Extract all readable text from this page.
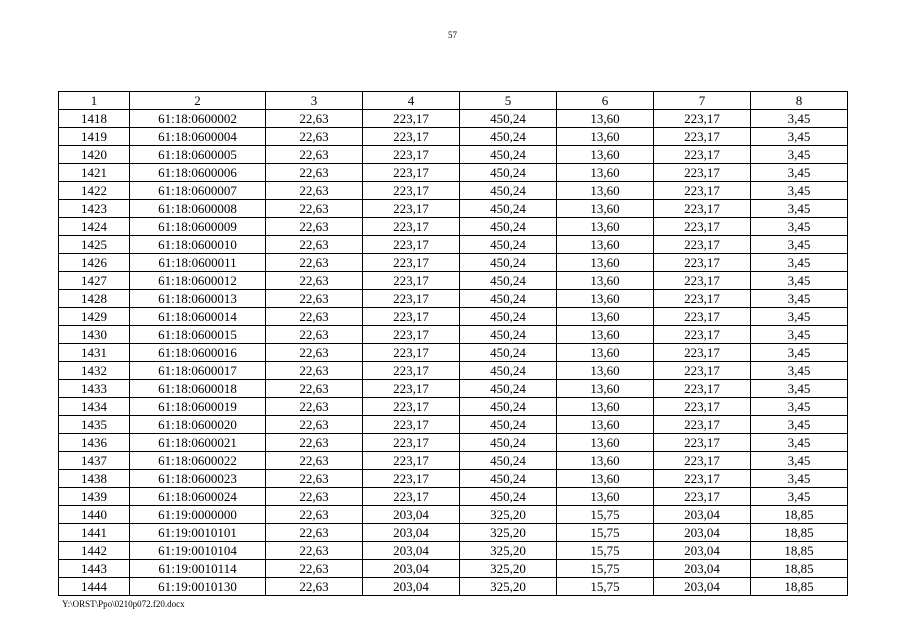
57
1	2	3	4	5	6	7	8
1418	61:18:0600002	22,63	223,17	450,24	13,60	223,17	3,45
1419	61:18:0600004	22,63	223,17	450,24	13,60	223,17	3,45
1420	61:18:0600005	22,63	223,17	450,24	13,60	223,17	3,45
1421	61:18:0600006	22,63	223,17	450,24	13,60	223,17	3,45
1422	61:18:0600007	22,63	223,17	450,24	13,60	223,17	3,45
1423	61:18:0600008	22,63	223,17	450,24	13,60	223,17	3,45
1424	61:18:0600009	22,63	223,17	450,24	13,60	223,17	3,45
1425	61:18:0600010	22,63	223,17	450,24	13,60	223,17	3,45
1426	61:18:0600011	22,63	223,17	450,24	13,60	223,17	3,45
1427	61:18:0600012	22,63	223,17	450,24	13,60	223,17	3,45
1428	61:18:0600013	22,63	223,17	450,24	13,60	223,17	3,45
1429	61:18:0600014	22,63	223,17	450,24	13,60	223,17	3,45
1430	61:18:0600015	22,63	223,17	450,24	13,60	223,17	3,45
1431	61:18:0600016	22,63	223,17	450,24	13,60	223,17	3,45
1432	61:18:0600017	22,63	223,17	450,24	13,60	223,17	3,45
1433	61:18:0600018	22,63	223,17	450,24	13,60	223,17	3,45
1434	61:18:0600019	22,63	223,17	450,24	13,60	223,17	3,45
1435	61:18:0600020	22,63	223,17	450,24	13,60	223,17	3,45
1436	61:18:0600021	22,63	223,17	450,24	13,60	223,17	3,45
1437	61:18:0600022	22,63	223,17	450,24	13,60	223,17	3,45
1438	61:18:0600023	22,63	223,17	450,24	13,60	223,17	3,45
1439	61:18:0600024	22,63	223,17	450,24	13,60	223,17	3,45
1440	61:19:0000000	22,63	203,04	325,20	15,75	203,04	18,85
1441	61:19:0010101	22,63	203,04	325,20	15,75	203,04	18,85
1442	61:19:0010104	22,63	203,04	325,20	15,75	203,04	18,85
1443	61:19:0010114	22,63	203,04	325,20	15,75	203,04	18,85
1444	61:19:0010130	22,63	203,04	325,20	15,75	203,04	18,85
Y:\ORST\Ppo\0210p072.f20.docx
